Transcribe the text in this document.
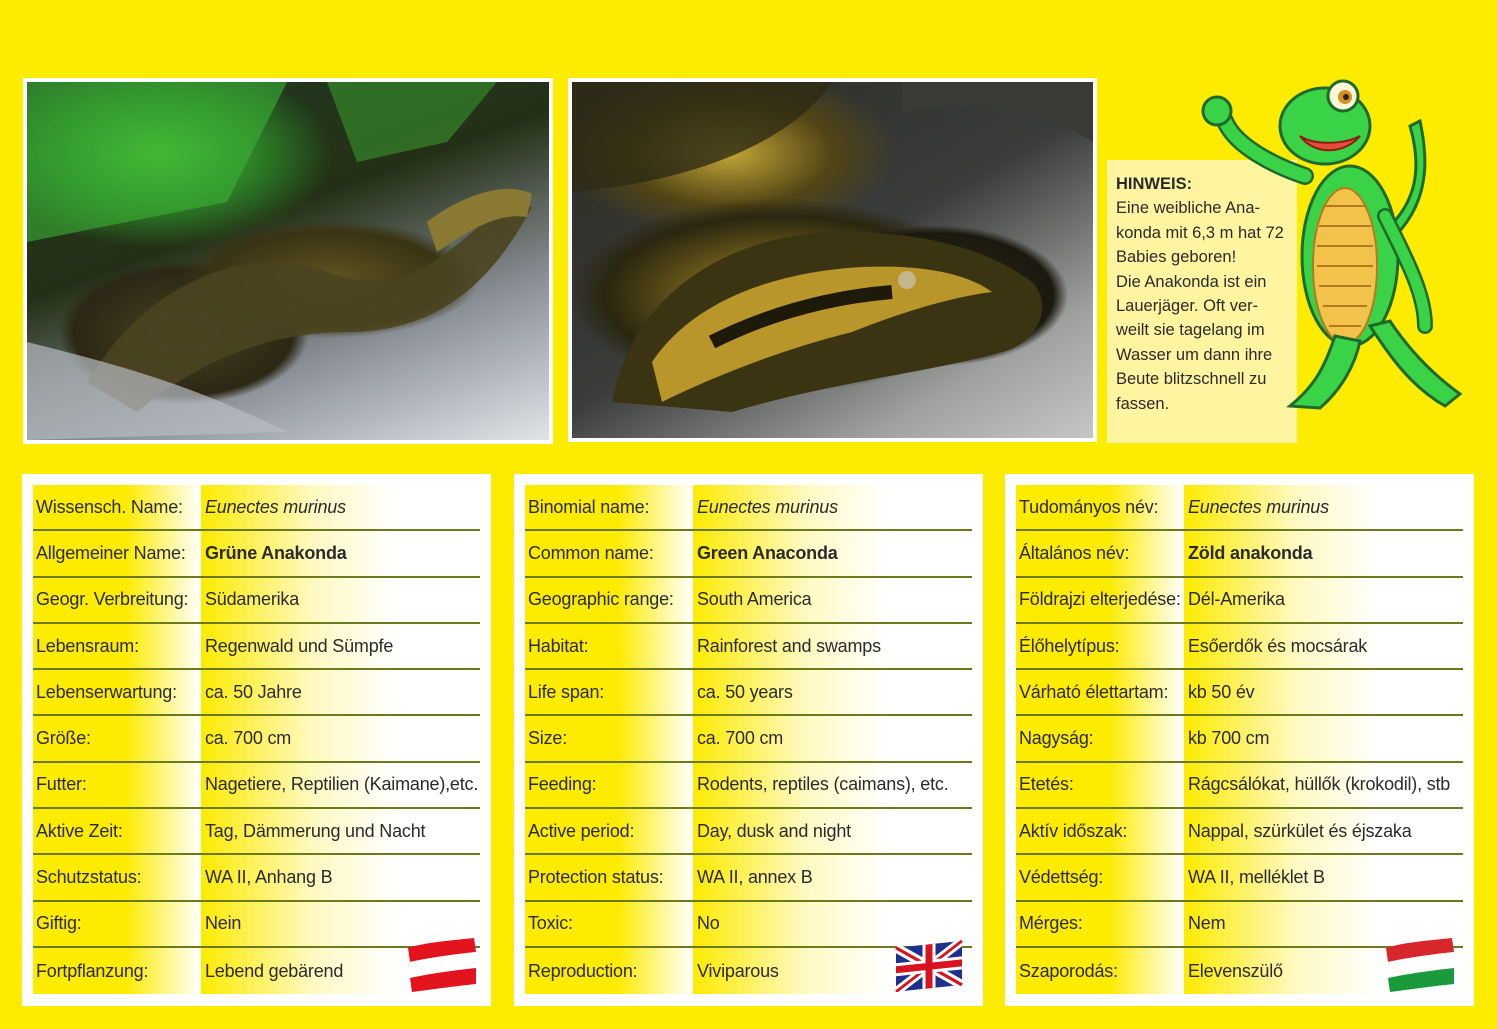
HINWEIS:
Eine weibliche Ana-
konda mit 6,3 m hat 72
Babies geboren!
Die Anakonda ist ein
Lauerjäger. Oft ver-
weilt sie tagelang im
Wasser um dann ihre
Beute blitzschnell zu
fassen.
Wissensch. Name:	Eunectes murinus
Allgemeiner Name:	Grüne Anakonda
Geogr. Verbreitung: Südamerika
Lebensraum:	Regenwald und Sümpfe
Lebenserwartung:	ca. 50 Jahre
Größe:	ca. 700 cm
Futter:	Nagetiere, Reptilien (Kaimane),etc.
Aktive Zeit:	Tag, Dämmerung und Nacht
Schutzstatus:	WA II, Anhang B
Giftig:	Nein
Fortpflanzung:	Lebend gebärend
Binomial name:	Eunectes murinus
Common name:	Green Anaconda
Geographic range:	South America
Habitat:	Rainforest and swamps
Life span:	ca. 50 years
Size:	ca. 700 cm
Feeding:	Rodents, reptiles (caimans), etc.
Active period:	Day, dusk and night
Protection status:	WA II, annex B
Toxic:	No
Reproduction:	Viviparous
Tudományos név:	Eunectes murinus
Általános név:	Zöld anakonda
Földrajzi elterjedése: Dél-Amerika
Élőhelytípus:	Esőerdők és mocsárak
Várható élettartam:	kb 50 év
Nagyság:	kb 700 cm
Etetés:	Rágcsálókat, hüllők (krokodil), stb
Aktív időszak:	Nappal, szürkület és éjszaka
Védettség:	WA II, melléklet B
Mérges:	Nem
Szaporodás:	Elevenszülő
